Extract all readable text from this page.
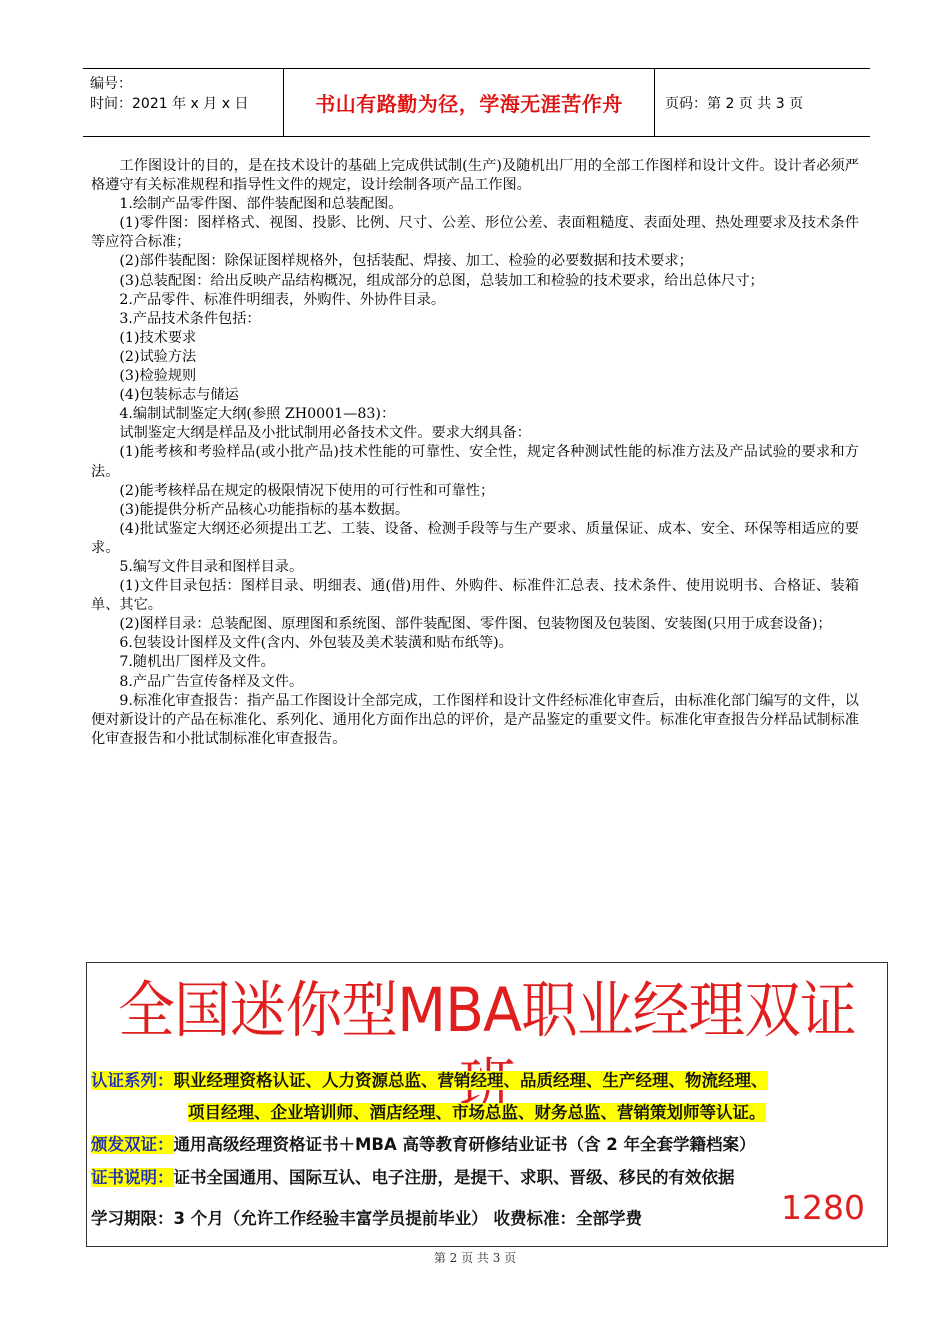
编号：
时间：2021 年 x 月 x 日	书山有路勤为径，学海无涯苦作舟	页码：第 2 页 共 3 页

工作图设计的目的，是在技术设计的基础上完成供试制(生产)及随机出厂用的全部工作图样和设计文件。设计者必须严格遵守有关标准规程和指导性文件的规定，设计绘制各项产品工作图。

1.绘制产品零件图、部件装配图和总装配图。

(1)零件图：图样格式、视图、投影、比例、尺寸、公差、形位公差、表面粗糙度、表面处理、热处理要求及技术条件等应符合标准；

(2)部件装配图：除保证图样规格外，包括装配、焊接、加工、检验的必要数据和技术要求；

(3)总装配图：给出反映产品结构概况，组成部分的总图，总装加工和检验的技术要求，给出总体尺寸；

2.产品零件、标准件明细表，外购件、外协件目录。

3.产品技术条件包括：

(1)技术要求

(2)试验方法

(3)检验规则

(4)包装标志与储运

4.编制试制鉴定大纲(参照 ZH0001—83)：

试制鉴定大纲是样品及小批试制用必备技术文件。要求大纲具备：

(1)能考核和考验样品(或小批产品)技术性能的可靠性、安全性，规定各种测试性能的标准方法及产品试验的要求和方法。

(2)能考核样品在规定的极限情况下使用的可行性和可靠性；

(3)能提供分析产品核心功能指标的基本数据。

(4)批试鉴定大纲还必须提出工艺、工装、设备、检测手段等与生产要求、质量保证、成本、安全、环保等相适应的要求。

5.编写文件目录和图样目录。

(1)文件目录包括：图样目录、明细表、通(借)用件、外购件、标准件汇总表、技术条件、使用说明书、合格证、装箱单、其它。

(2)图样目录：总装配图、原理图和系统图、部件装配图、零件图、包装物图及包装图、安装图(只用于成套设备)；

6.包装设计图样及文件(含内、外包装及美术装潢和贴布纸等)。

7.随机出厂图样及文件。

8.产品广告宣传备样及文件。

9.标准化审查报告：指产品工作图设计全部完成，工作图样和设计文件经标准化审查后，由标准化部门编写的文件，以便对新设计的产品在标准化、系列化、通用化方面作出总的评价，是产品鉴定的重要文件。标准化审查报告分样品试制标准化审查报告和小批试制标准化审查报告。

全国迷你型MBA职业经理双证
认证系列：职业经理资格认证、人力资源总监、营销经理、品质经理、生产经理、物流经理、
项目经理、企业培训师、酒店经理、市场总监、财务总监、营销策划师等认证。
颁发双证：通用高级经理资格证书＋MBA 高等教育研修结业证书（含 2 年全套学籍档案）
证书说明：证书全国通用、国际互认、电子注册，是提干、求职、晋级、移民的有效依据
学习期限：3 个月（允许工作经验丰富学员提前毕业） 收费标准：全部学费	1280
第 2 页 共 3 页
